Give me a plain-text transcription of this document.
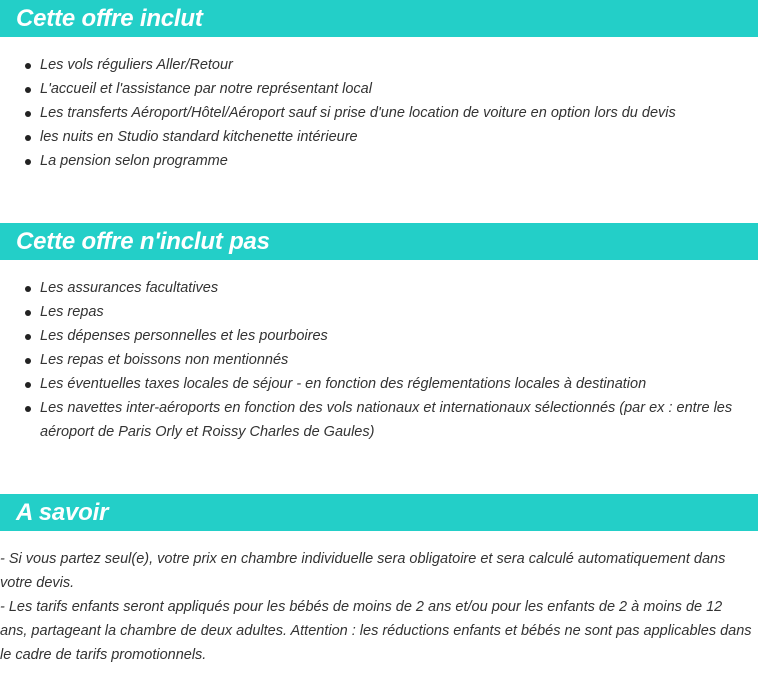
Cette offre inclut
Les vols réguliers Aller/Retour
L'accueil et l'assistance par notre représentant local
Les transferts Aéroport/Hôtel/Aéroport sauf si prise d'une location de voiture en option lors du devis
les nuits en Studio standard kitchenette intérieure
La pension selon programme
Cette offre n'inclut pas
Les assurances facultatives
Les repas
Les dépenses personnelles et les pourboires
Les repas et boissons non mentionnés
Les éventuelles taxes locales de séjour - en fonction des réglementations locales à destination
Les navettes inter-aéroports en fonction des vols nationaux et internationaux sélectionnés (par ex : entre les aéroport de Paris Orly et Roissy Charles de Gaules)
A savoir

- Si vous partez seul(e), votre prix en chambre individuelle sera obligatoire et sera calculé automatiquement dans votre devis.

- Les tarifs enfants seront appliqués pour les bébés de moins de 2 ans et/ou pour les enfants de 2 à moins de 12 ans, partageant la chambre de deux adultes. Attention : les réductions enfants et bébés ne sont pas applicables dans le cadre de tarifs promotionnels.
